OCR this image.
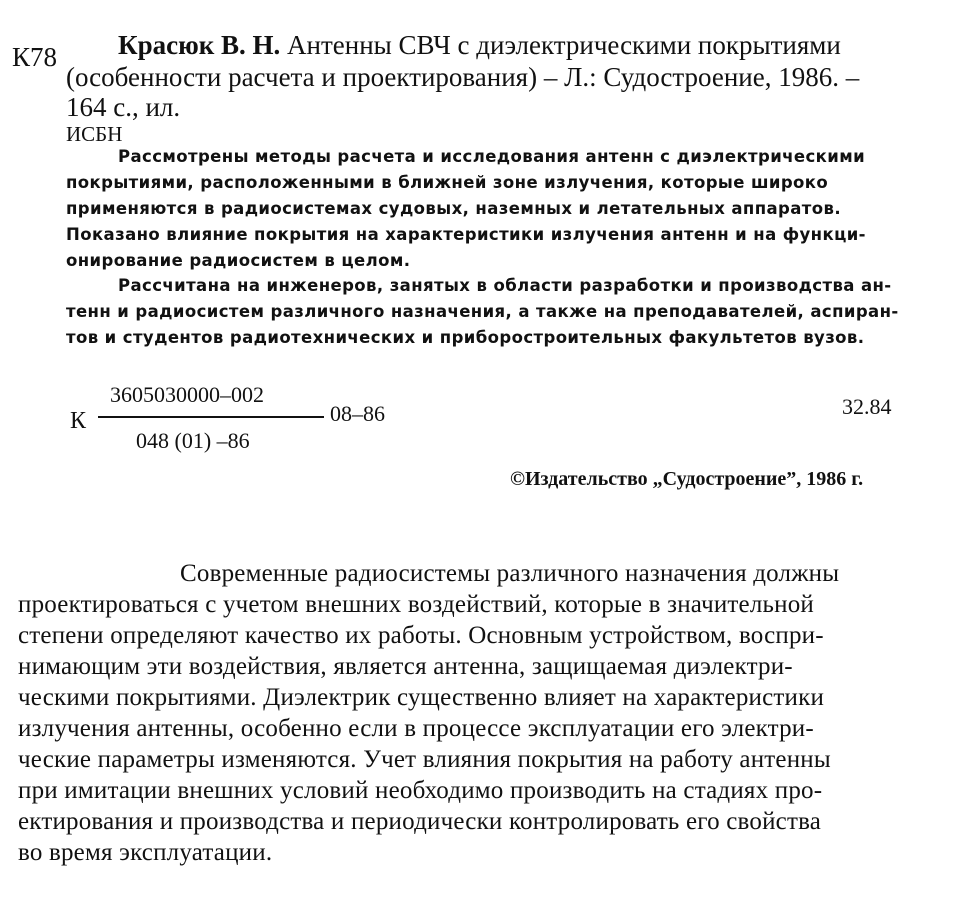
К78 Красюк В. Н. Антенны СВЧ с диэлектрическими покрытиями
(особенности расчета и проектирования) – Л.: Судостроение, 1986. –
164 с., ил.
ИСБН
Рассмотрены методы расчета и исследования антенн с диэлектрическими
покрытиями, расположенными в ближней зоне излучения, которые широко
применяются в радиосистемах судовых, наземных и летательных аппаратов.
Показано влияние покрытия на характеристики излучения антенн и на функци-
онирование радиосистем в целом.
Рассчитана на инженеров, занятых в области разработки и производства ан-
тенн и радиосистем различного назначения, а также на преподавателей, аспиран-
тов и студентов радиотехнических и приборостроительных факультетов вузов.
К
3605030000–002
048 (01) –86
08–86	32.84
©Издательство „Судостроение”, 1986 г.
Современные радиосистемы различного назначения должны
проектироваться с учетом внешних воздействий, которые в значительной
степени определяют качество их работы. Основным устройством, воспри-
нимающим эти воздействия, является антенна, защищаемая диэлектри-
ческими покрытиями. Диэлектрик существенно влияет на характеристики
излучения антенны, особенно если в процессе эксплуатации его электри-
ческие параметры изменяются. Учет влияния покрытия на работу антенны
при имитации внешних условий необходимо производить на стадиях про-
ектирования и производства и периодически контролировать его свойства
во время эксплуатации.
